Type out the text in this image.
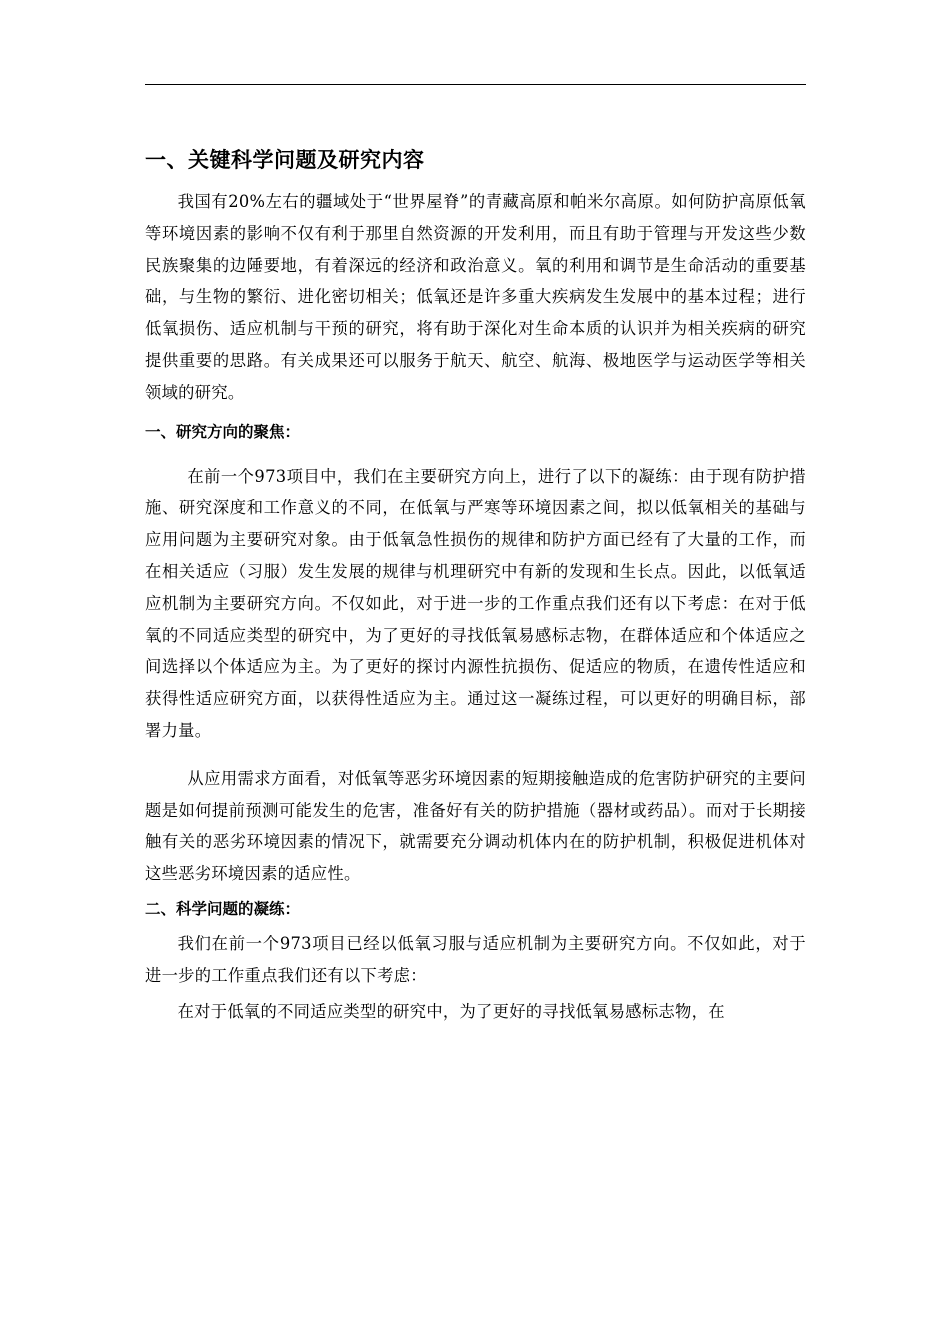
一、关键科学问题及研究内容

我国有20%左右的疆域处于“世界屋脊”的青藏高原和帕米尔高原。如何防护高原低氧等环境因素的影响不仅有利于那里自然资源的开发利用，而且有助于管理与开发这些少数民族聚集的边陲要地，有着深远的经济和政治意义。氧的利用和调节是生命活动的重要基础，与生物的繁衍、进化密切相关；低氧还是许多重大疾病发生发展中的基本过程；进行低氧损伤、适应机制与干预的研究，将有助于深化对生命本质的认识并为相关疾病的研究提供重要的思路。有关成果还可以服务于航天、航空、航海、极地医学与运动医学等相关领域的研究。

一、研究方向的聚焦：

在前一个973项目中，我们在主要研究方向上，进行了以下的凝练：由于现有防护措施、研究深度和工作意义的不同，在低氧与严寒等环境因素之间，拟以低氧相关的基础与应用问题为主要研究对象。由于低氧急性损伤的规律和防护方面已经有了大量的工作，而在相关适应（习服）发生发展的规律与机理研究中有新的发现和生长点。因此，以低氧适应机制为主要研究方向。不仅如此，对于进一步的工作重点我们还有以下考虑：在对于低氧的不同适应类型的研究中，为了更好的寻找低氧易感标志物，在群体适应和个体适应之间选择以个体适应为主。为了更好的探讨内源性抗损伤、促适应的物质，在遗传性适应和获得性适应研究方面，以获得性适应为主。通过这一凝练过程，可以更好的明确目标，部署力量。

从应用需求方面看，对低氧等恶劣环境因素的短期接触造成的危害防护研究的主要问题是如何提前预测可能发生的危害，准备好有关的防护措施（器材或药品）。而对于长期接触有关的恶劣环境因素的情况下，就需要充分调动机体内在的防护机制，积极促进机体对这些恶劣环境因素的适应性。

二、科学问题的凝练：

我们在前一个973项目已经以低氧习服与适应机制为主要研究方向。不仅如此，对于进一步的工作重点我们还有以下考虑：

在对于低氧的不同适应类型的研究中，为了更好的寻找低氧易感标志物，在
